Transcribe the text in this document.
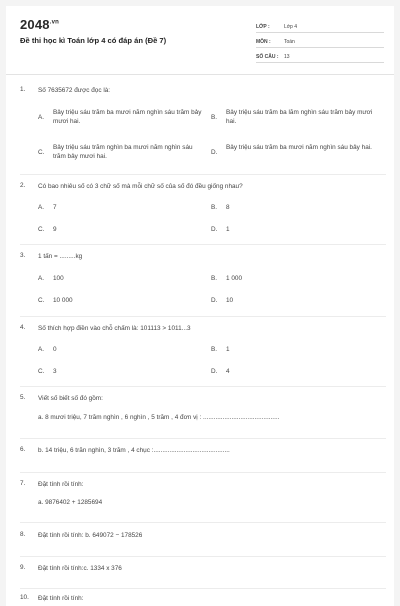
$2048^{.vn}$
Đề thi học kì Toán lớp 4 có đáp án (Đề 7)
LỚP :	Lớp 4
MÔN :	Toán
SỐ CÂU :	13
1. Số 7635672 được đọc là:
A.
Bảy triệu sáu trăm ba mươi năm nghìn sáu trăm bảy mươi hai.
B.
Bảy triệu sáu trăm ba lăm nghìn sáu trăm bảy mươi hai.
C.
Bảy triệu sáu trăm nghìn ba mươi năm nghìn sáu trăm bảy mươi hai.
D.
Bảy triệu sáu trăm ba mươi năm nghìn sáu bảy hai.
2. Có bao nhiêu số có 3 chữ số mà mỗi chữ số của số đó đều giống nhau?
A. 7	B. 8
C. 9	D. 1
3. 1 tấn = .........kg
A. 100	B. 1 000
C. 10 000	D. 10
4. Số thích hợp điền vào chỗ chấm là: 101113 > 1011...3
A. 0	B. 1
C. 3	D. 4
5. Viết số biết số đó gồm:
a. 8 mươi triệu, 7 trăm nghìn , 6 nghìn , 5 trăm , 4 đơn vị : ...........................................
6. b. 14 triệu, 6 trăn nghìn, 3 trăm , 4 chục :...........................................
7. Đặt tính rồi tính:
a. 9876402 + 1285694
8. Đặt tính rồi tính: b. 649072 − 178526
9. Đặt tính rồi tính:c. 1334 x 376
10. Đặt tính rồi tính:
